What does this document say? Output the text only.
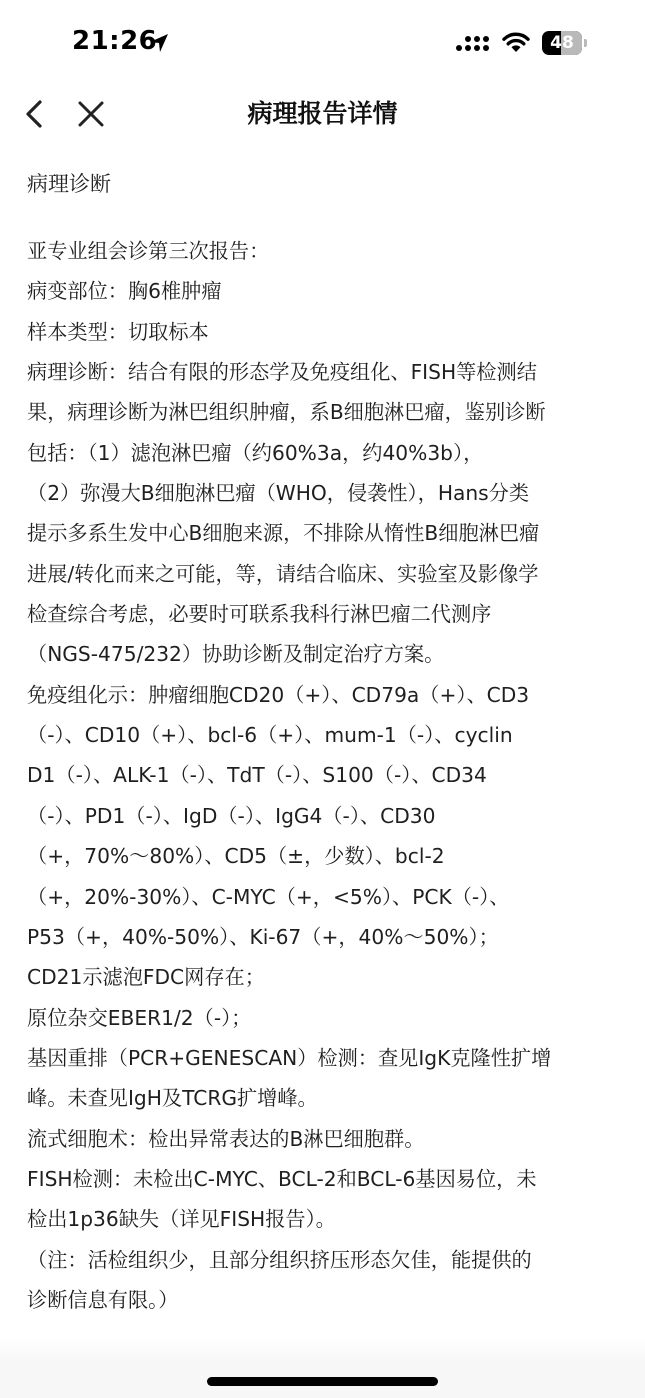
21:26	48
病理报告详情
病理诊断
亚专业组会诊第三次报告：
病变部位：胸6椎肿瘤
样本类型：切取标本
病理诊断：结合有限的形态学及免疫组化、FISH等检测结
果，病理诊断为淋巴组织肿瘤，系B细胞淋巴瘤，鉴别诊断
包括：（1）滤泡淋巴瘤（约60%3a，约40%3b），
（2）弥漫大B细胞淋巴瘤（WHO，侵袭性），Hans分类
提示多系生发中心B细胞来源，不排除从惰性B细胞淋巴瘤
进展/转化而来之可能，等，请结合临床、实验室及影像学
检查综合考虑，必要时可联系我科行淋巴瘤二代测序
（NGS-475/232）协助诊断及制定治疗方案。
免疫组化示：肿瘤细胞CD20（+）、CD79a（+）、CD3
（-）、CD10（+）、bcl-6（+）、mum-1（-）、cyclin
D1（-）、ALK-1（-）、TdT（-）、S100（-）、CD34
（-）、PD1（-）、IgD（-）、IgG4（-）、CD30
（+，70%～80%）、CD5（±，少数）、bcl-2
（+，20%-30%）、C-MYC（+，<5%）、PCK（-）、
P53（+，40%-50%）、Ki-67（+，40%～50%）；
CD21示滤泡FDC网存在；
原位杂交EBER1/2（-）；
基因重排（PCR+GENESCAN）检测：查见IgK克隆性扩增
峰。未查见IgH及TCRG扩增峰。
流式细胞术：检出异常表达的B淋巴细胞群。
FISH检测：未检出C-MYC、BCL-2和BCL-6基因易位，未
检出1p36缺失（详见FISH报告）。
（注：活检组织少，且部分组织挤压形态欠佳，能提供的
诊断信息有限。）
